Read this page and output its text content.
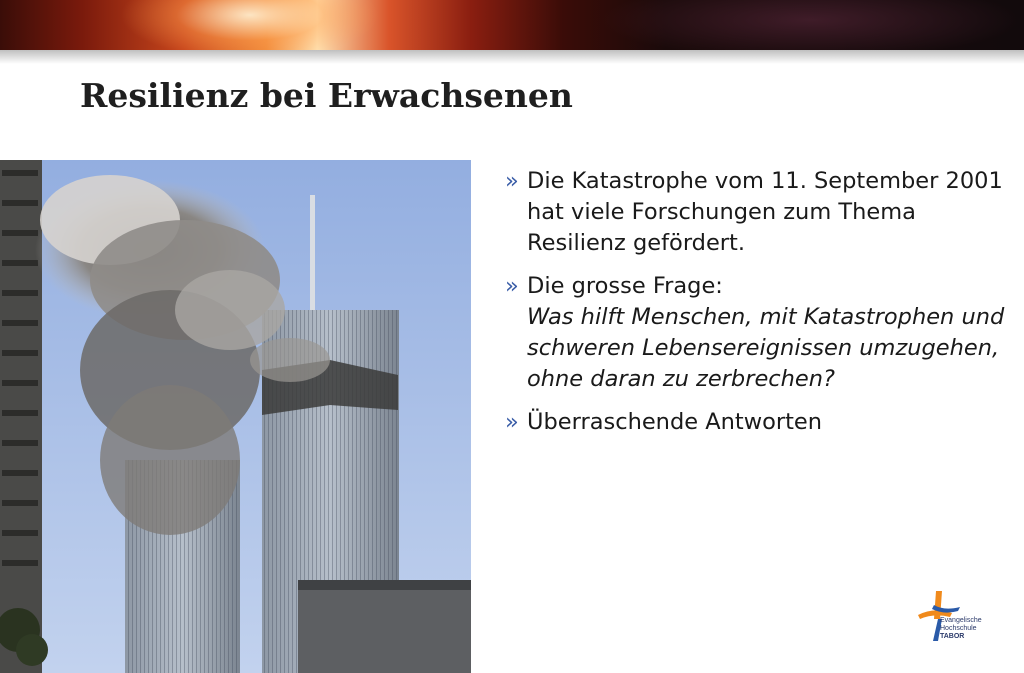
Resilienz bei Erwachsenen
» Die Katastrophe vom 11. September 2001 hat viele Forschungen zum Thema Resilienz gefördert.
» Die grosse Frage:
Was hilft Menschen, mit Katastrophen und schweren Lebensereignissen umzugehen, ohne daran zu zerbrechen?
» Überraschende Antworten
Evangelische
Hochschule
TABOR
